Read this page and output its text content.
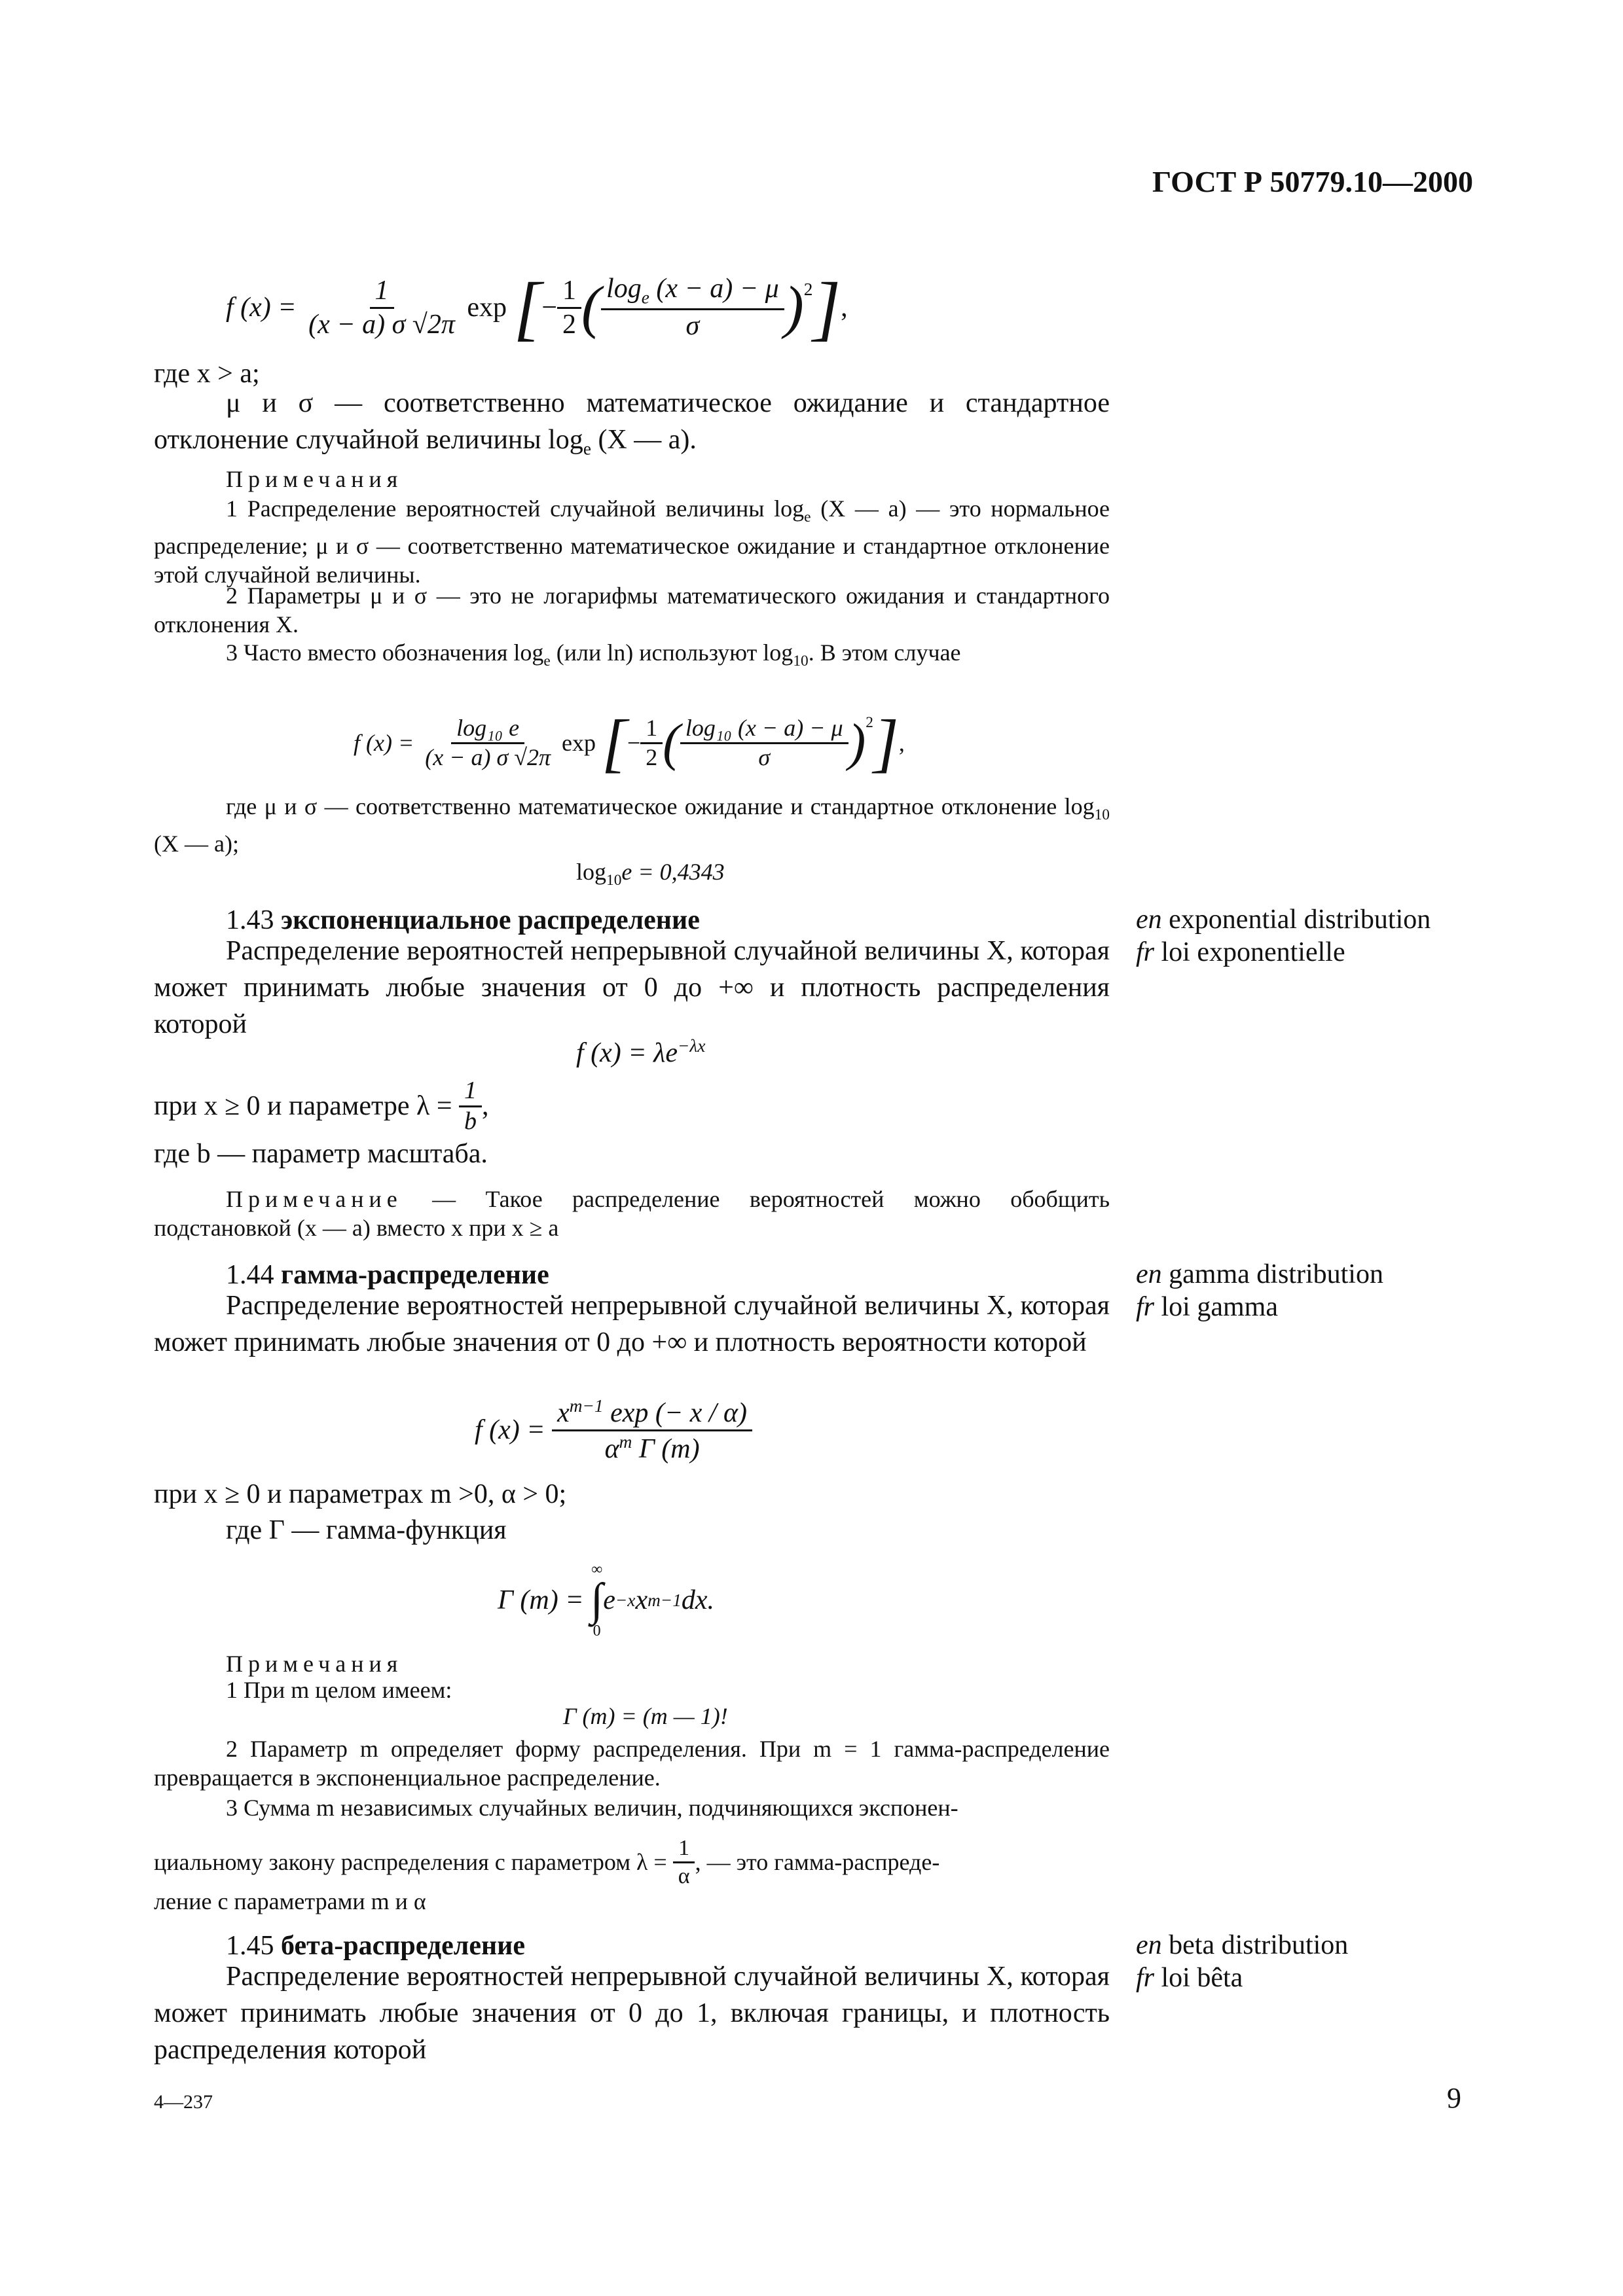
ГОСТ Р 50779.10—2000
f (x) =
$\frac{1}{(x - a) \sigma √2\pi}$
exp
[ − $\frac{1}{2}$ ( $\frac{\log_e (x - a) - \mu}{\sigma} )^2$ ] ,
где x > a;
μ и σ — соответственно математическое ожидание и стандартное отклонение случайной величины $\log_e (X$ — a).
Примечания
1 Распределение вероятностей случайной величины $\log_e (X$ — a) — это нормальное распределение; μ и σ — соответственно математическое ожидание и стандартное отклонение этой случайной величины.
2 Параметры μ и σ — это не логарифмы математического ожидания и стандартного отклонения X.
3 Часто вместо обозначения $\log_e (или$ ln) используют $\log_{10}$. В этом случае
f (x) =
$\frac{\text{log₁₀ e}}{(x - a) \sigma √2\pi}$
exp
[ − $\frac{1}{2}$ ( $\frac{\text{log₁₀ (x − a) − μ}}{\sigma} )^2$ ] ,
где μ и σ — соответственно математическое ожидание и стандартное отклонение $\log_{10} (X$ — a);
$\log_{10}e = 0,4343$
1.43 экспоненциальное распределение	en exponential distribution
fr loi exponentielle
Распределение вероятностей непрерывной случайной величины X, которая может принимать любые значения от 0 до +∞ и плотность распределения которой
f $(x) = \lambda e^{-\lambda x}$
при x ≥ 0 и параметре λ =
$\frac{1}{b}$ ,
где b — параметр масштаба.
Примечание — Такое распределение вероятностей можно обобщить подстановкой (x — a) вместо x при x ≥ a
1.44 гамма-распределение	en gamma distribution
fr loi gamma
Распределение вероятностей непрерывной случайной величины X, которая может принимать любые значения от 0 до +∞ и плотность вероятности которой
f (x) =
$\frac{x^{m-1} \exp (- x / \alpha)}{\alpha^m \Gamma (m)}$
при x ≥ 0 и параметрах m >0, α > 0;
где Γ — гамма-функция
Γ (m) =

∞
∫
0
e −x x m−1 dx.
Примечания
1 При m целом имеем:
Γ (m) = (m — 1)!
2 Параметр m определяет форму распределения. При m = 1 гамма-распределение превращается в экспоненциальное распределение.
3 Сумма m независимых случайных величин, подчиняющихся экспонен-
циальному закону распределения с параметром λ =
$\frac{1}{\alpha}$ , — это гамма-распреде-
ление с параметрами m и α
1.45 бета-распределение	en beta distribution
fr loi bêta
Распределение вероятностей непрерывной случайной величины X, которая может принимать любые значения от 0 до 1, включая границы, и плотность распределения которой
4—237	9
